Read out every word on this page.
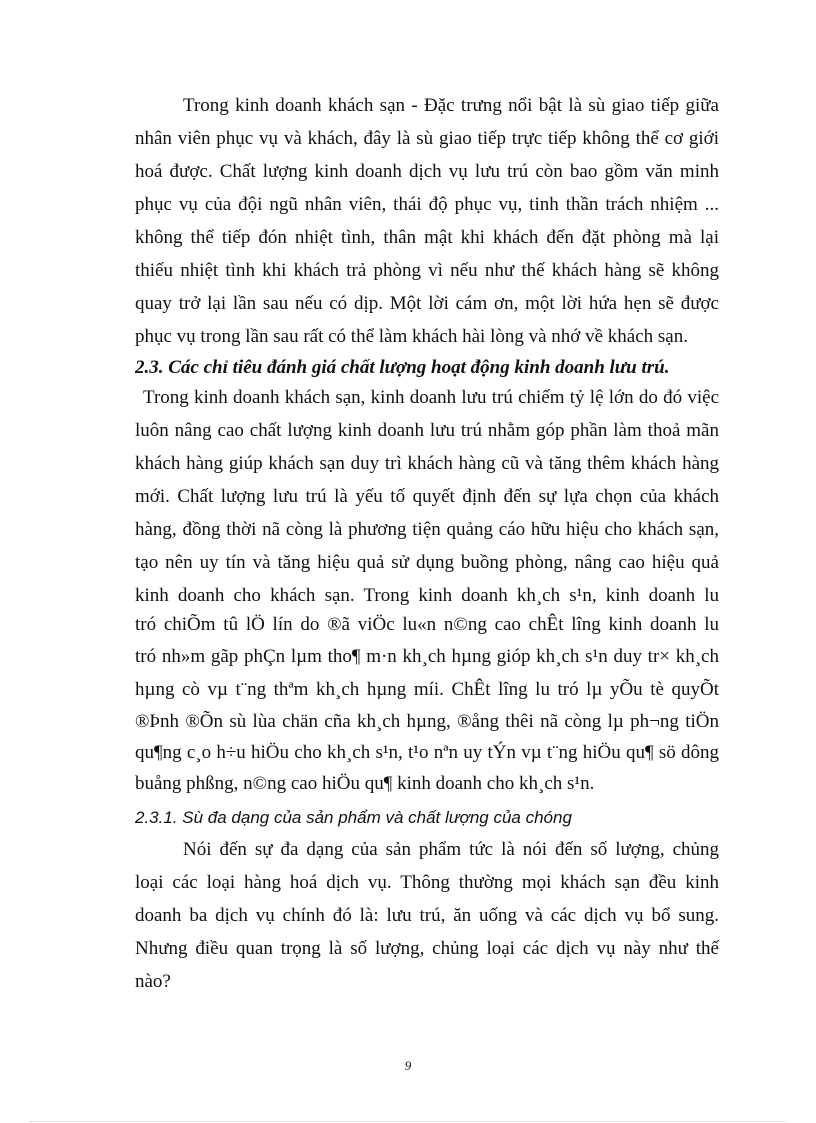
Trong kinh doanh khách sạn - Đặc trưng nổi bật là sù giao tiếp giữa
nhân viên phục vụ và khách, đây là sù giao tiếp trực tiếp không thể cơ giới
hoá được. Chất lượng kinh doanh dịch vụ lưu trú còn bao gồm văn minh
phục vụ của đội ngũ nhân viên, thái độ phục vụ, tinh thần trách nhiệm ...
không thể tiếp đón nhiệt tình, thân mật khi khách đến đặt phòng mà lại
thiếu nhiệt tình khi khách trả phòng vì nếu như thế khách hàng sẽ không
quay trở lại lần sau nếu có dịp. Một lời cám ơn, một lời hứa hẹn sẽ được
phục vụ trong lần sau rất có thể làm khách hài lòng và nhớ về khách sạn.
2.3. Các chỉ tiêu đánh giá chất lượng hoạt động kinh doanh lưu trú.
Trong kinh doanh khách sạn, kinh doanh lưu trú chiếm tỷ lệ lớn do đó việc
luôn nâng cao chất lượng kinh doanh lưu trú nhằm góp phần làm thoả mãn
khách hàng giúp khách sạn duy trì khách hàng cũ và tăng thêm khách hàng
mới. Chất lượng lưu trú là yếu tố quyết định đến sự lựa chọn của khách
hàng, đồng thời nã còng là phương tiện quảng cáo hữu hiệu cho khách sạn,
tạo nên uy tín và tăng hiệu quả sử dụng buồng phòng, nâng cao hiệu quả
kinh doanh cho khách sạn. Trong kinh doanh kh¸ch s¹n, kinh doanh lu
tró chiÕm tû lÖ lín do ®ã viÖc lu«n n©ng cao chÊt lîng kinh doanh lu
tró nh»m gãp phÇn lµm tho¶ m·n kh¸ch hµng gióp kh¸ch s¹n duy tr× kh¸ch
hµng cò vµ t¨ng thªm kh¸ch hµng míi. ChÊt lîng lu tró lµ yÕu tè quyÕt
®Þnh ®Õn sù lùa chän cña kh¸ch hµng, ®ång thêi nã còng lµ ph¬ng tiÖn
qu¶ng c¸o h÷u hiÖu cho kh¸ch s¹n, t¹o nªn uy tÝn vµ t¨ng hiÖu qu¶ sö dông
buång phßng, n©ng cao hiÖu qu¶ kinh doanh cho kh¸ch s¹n.
2.3.1. Sù đa dạng của sản phẩm và chất lượng của chóng
Nói đến sự đa dạng của sản phẩm tức là nói đến số lượng, chủng
loại các loại hàng hoá dịch vụ. Thông thường mọi khách sạn đều kinh
doanh ba dịch vụ chính đó là: lưu trú, ăn uống và các dịch vụ bổ sung.
Nhưng điều quan trọng là số lượng, chủng loại các dịch vụ này như thế
nào?
9
